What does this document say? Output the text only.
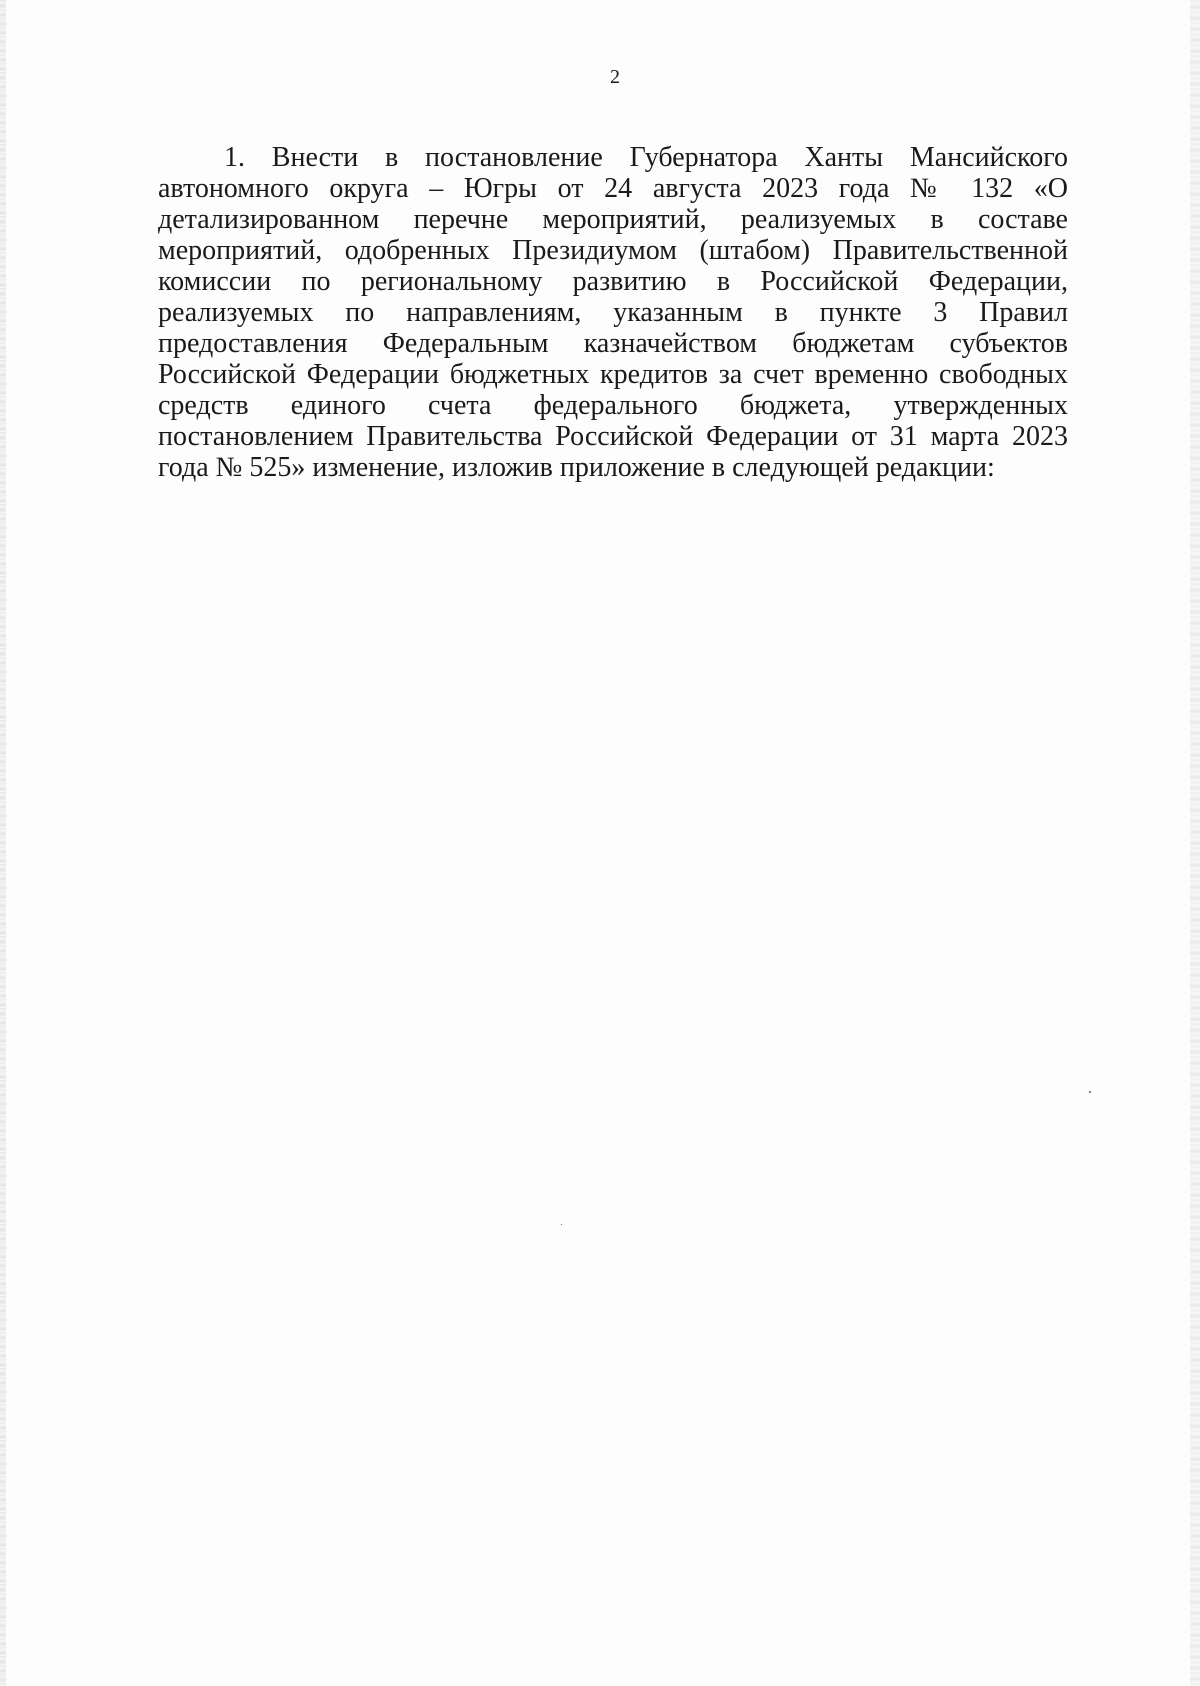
2

1. Внести в постановление Губернатора Ханты Мансийского автономного округа – Югры от 24 августа 2023 года № 132 «О детализированном перечне мероприятий, реализуемых в составе мероприятий, одобренных Президиумом (штабом) Правительственной комиссии по региональному развитию в Российской Федерации, реализуемых по направлениям, указанным в пункте 3 Правил предоставления Федеральным казначейством бюджетам субъектов Российской Федерации бюджетных кредитов за счет временно свободных средств единого счета федерального бюджета, утвержденных постановлением Правительства Российской Федерации от 31 марта 2023 года № 525» изменение, изложив приложение в следующей редакции:
